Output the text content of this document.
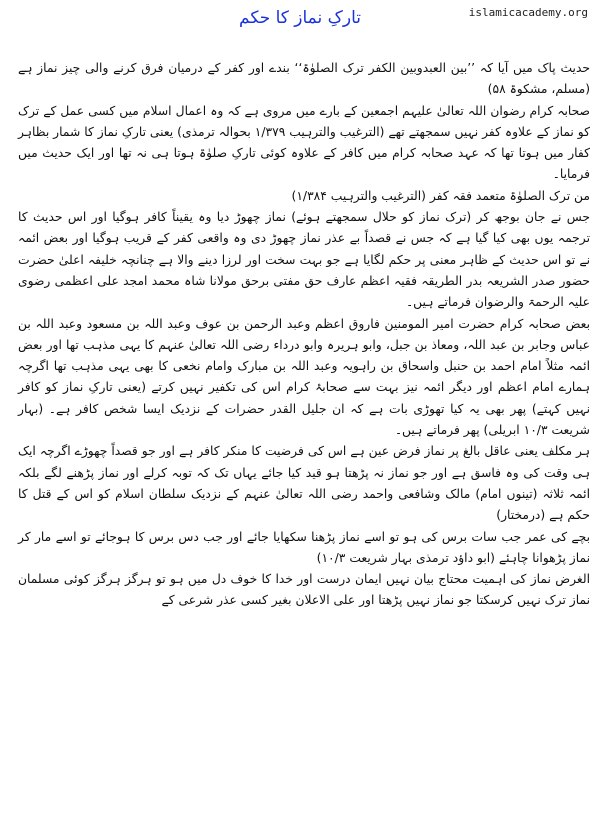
islamicacademy.org
تارکِ نماز کا حکم

حدیث پاک میں آیا کہ ’’بین العبدوبین الکفر ترک الصلوٰۃ‘‘ بندے اور کفر کے درمیان فرق کرنے والی چیز نماز ہے (مسلم، مشکوۃ ۵۸)

صحابہ کرام رضوان اللہ تعالیٰ علیہم اجمعین کے بارے میں مروی ہے کہ وہ اعمال اسلام میں کسی عمل کے ترک کو نماز کے علاوہ کفر نہیں سمجھتے تھے (الترغیب والترہیب ۱/۳۷۹ بحوالہ ترمذی) یعنی تارکِ نماز کا شمار بظاہر کفار میں ہوتا تھا کہ عہد صحابہ کرام میں کافر کے علاوہ کوئی تارکِ صلوٰۃ ہوتا ہی نہ تھا اور ایک حدیث میں فرمایا۔

من ترک الصلوٰۃ متعمد فقہ کفر (الترغیب والترہیب ۱/۳۸۴)

جس نے جان بوجھ کر (ترک نماز کو حلال سمجھتے ہوئے) نماز چھوڑ دیا وہ یقیناً کافر ہوگیا اور اس حدیث کا ترجمہ یوں بھی کیا گیا ہے کہ جس نے قصداً بے عذر نماز چھوڑ دی وہ واقعی کفر کے قریب ہوگیا اور بعض ائمہ نے تو اس حدیث کے ظاہر معنی پر حکم لگایا ہے جو بہت سخت اور لرزا دینے والا ہے چنانچہ خلیفہ اعلیٰ حضرت حضور صدر الشریعہ بدر الطریقہ فقیہ اعظم عارف حق مفتی برحق مولانا شاہ محمد امجد علی اعظمی رضوی علیہ الرحمۃ والرضوان فرماتے ہیں۔

بعض صحابہ کرام حضرت امیر المومنین فاروق اعظم وعبد الرحمن بن عوف وعبد اللہ بن مسعود وعبد اللہ بن عباس وجابر بن عبد اللہ، ومعاذ بن جبل، وابو ہریرہ وابو درداء رضی اللہ تعالیٰ عنہم کا یہی مذہب تھا اور بعض ائمہ مثلاً امام احمد بن حنبل واسحاق بن راہویہ وعبد اللہ بن مبارک وامام نخعی کا بھی یہی مذہب تھا اگرچہ ہمارے امام اعظم اور دیگر ائمہ نیز بہت سے صحابۂ کرام اس کی تکفیر نہیں کرتے (یعنی تارکِ نماز کو کافر نہیں کہتے) پھر بھی یہ کیا تھوڑی بات ہے کہ ان جلیل القدر حضرات کے نزدیک ایسا شخص کافر ہے۔ (بہار شریعت ۱۰/۳ ابریلی) پھر فرماتے ہیں۔

ہر مکلف یعنی عاقل بالغ پر نماز فرض عین ہے اس کی فرضیت کا منکر کافر ہے اور جو قصداً چھوڑے اگرچہ ایک ہی وقت کی وہ فاسق ہے اور جو نماز نہ پڑھتا ہو قید کیا جائے یہاں تک کہ توبہ کرلے اور نماز پڑھنے لگے بلکہ ائمہ ثلاثہ (تینوں امام) مالک وشافعی واحمد رضی اللہ تعالیٰ عنہم کے نزدیک سلطان اسلام کو اس کے قتل کا حکم ہے (درمختار)

بچے کی عمر جب سات برس کی ہو تو اسے نماز پڑھنا سکھایا جائے اور جب دس برس کا ہوجائے تو اسے مار کر نماز پڑھوانا چاہئے (ابو داؤد ترمذی بہار شریعت ۱۰/۳)

الغرض نماز کی اہمیت محتاج بیان نہیں ایمان درست اور خدا کا خوف دل میں ہو تو ہرگز ہرگز کوئی مسلمان نماز ترک نہیں کرسکتا جو نماز نہیں پڑھتا اور علی الاعلان بغیر کسی عذر شرعی کے
